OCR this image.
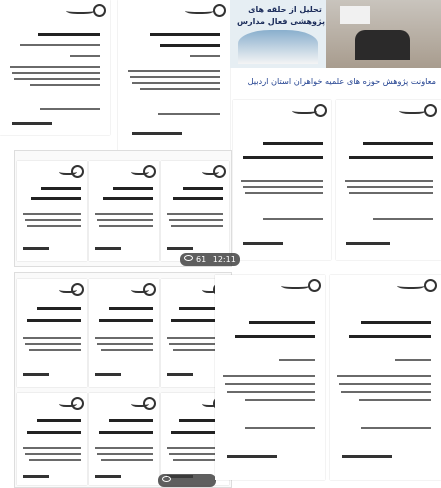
تحلیل از حلقه های
پژوهشی فعال مدارس
معاونت پژوهش حوزه های علمیه خواهران استان اردبیل
61 12:11
